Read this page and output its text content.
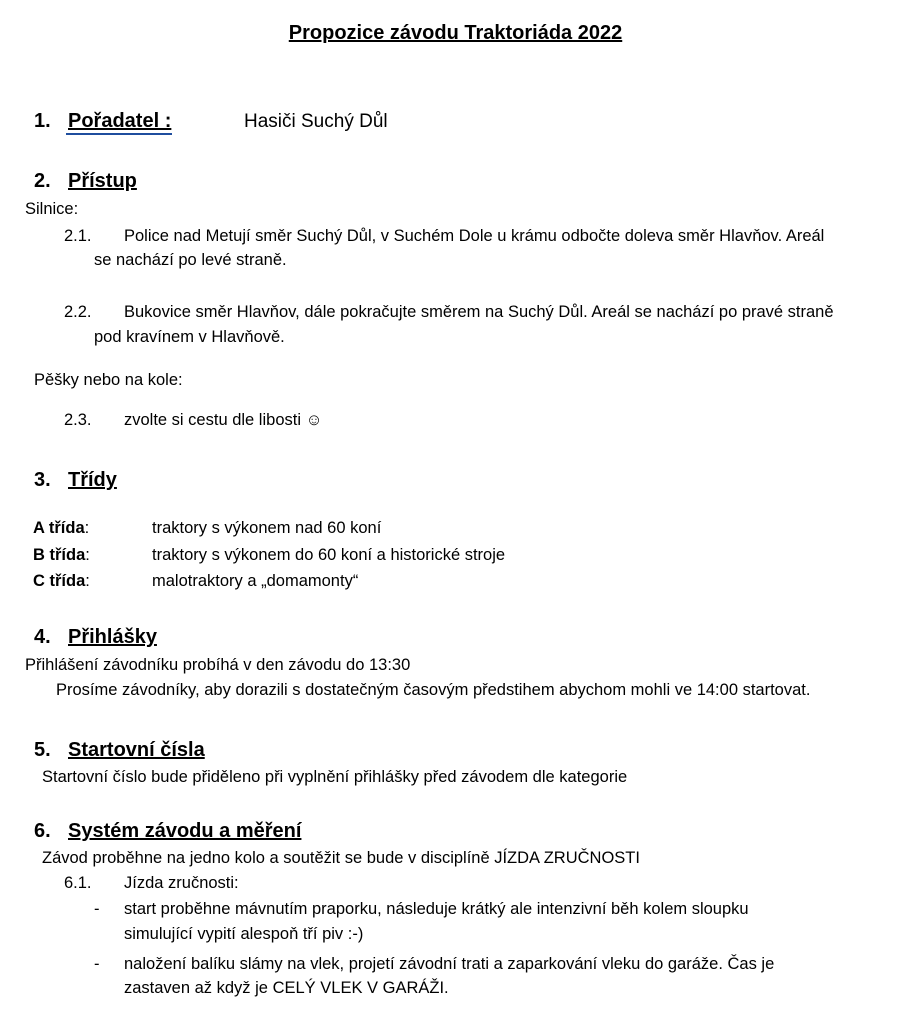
Propozice závodu Traktoriáda 2022
1. Pořadatel :	Hasiči Suchý Důl
2. Přístup
Silnice:
2.1. Police nad Metují směr Suchý Důl, v Suchém Dole u krámu odbočte doleva směr Hlavňov. Areál
se nachází po levé straně.
2.2. Bukovice směr Hlavňov, dále pokračujte směrem na Suchý Důl. Areál se nachází po pravé straně
pod kravínem v Hlavňově.
Pěšky nebo na kole:
2.3. zvolte si cestu dle libosti ☺
3. Třídy
A třída:	traktory s výkonem nad 60 koní
B třída:	traktory s výkonem do 60 koní a historické stroje
C třída:	malotraktory a „domamonty“
4. Přihlášky
Přihlášení závodníku probíhá v den závodu do 13:30
Prosíme závodníky, aby dorazili s dostatečným časovým předstihem abychom mohli ve 14:00 startovat.
5. Startovní čísla
Startovní číslo bude přiděleno při vyplnění přihlášky před závodem dle kategorie
6. Systém závodu a měření
Závod proběhne na jedno kolo a soutěžit se bude v disciplíně JÍZDA ZRUČNOSTI
6.1. Jízda zručnosti:
- start proběhne mávnutím praporku, následuje krátký ale intenzivní běh kolem sloupku
simulující vypití alespoň tří piv :-)
- naložení balíku slámy na vlek, projetí závodní trati a zaparkování vleku do garáže. Čas je
zastaven až když je CELÝ VLEK V GARÁŽI.
